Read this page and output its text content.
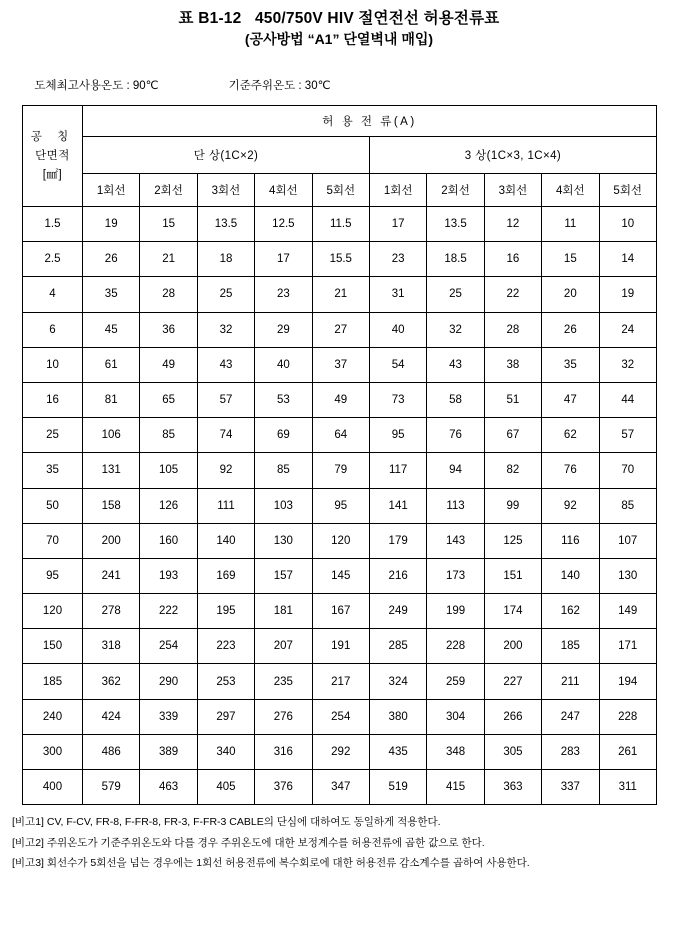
표 B1-12   450/750V HIV 절연전선 허용전류표
(공사방법 “A1” 단열벽내 매입)

도체최고사용온도 : 90℃	기준주위온도 : 30℃

공 칭
단면적
[㎟]	허 용 전 류(A)									
	단 상(1C×2)					3 상(1C×3, 1C×4)				
	1회선	2회선	3회선	4회선	5회선	1회선	2회선	3회선	4회선	5회선
1.5	19	15	13.5	12.5	11.5	17	13.5	12	11	10
2.5	26	21	18	17	15.5	23	18.5	16	15	14
4	35	28	25	23	21	31	25	22	20	19
6	45	36	32	29	27	40	32	28	26	24
10	61	49	43	40	37	54	43	38	35	32
16	81	65	57	53	49	73	58	51	47	44
25	106	85	74	69	64	95	76	67	62	57
35	131	105	92	85	79	117	94	82	76	70
50	158	126	111	103	95	141	113	99	92	85
70	200	160	140	130	120	179	143	125	116	107
95	241	193	169	157	145	216	173	151	140	130
120	278	222	195	181	167	249	199	174	162	149
150	318	254	223	207	191	285	228	200	185	171
185	362	290	253	235	217	324	259	227	211	194
240	424	339	297	276	254	380	304	266	247	228
300	486	389	340	316	292	435	348	305	283	261
400	579	463	405	376	347	519	415	363	337	311
[비고1] CV, F-CV, FR-8, F-FR-8, FR-3, F-FR-3 CABLE의 단심에 대하여도 동일하게 적용한다.
[비고2] 주위온도가 기준주위온도와 다를 경우 주위온도에 대한 보정계수를 허용전류에 곱한 값으로 한다.
[비고3] 회선수가 5회선을 넘는 경우에는 1회선 허용전류에 복수회로에 대한 허용전류 감소계수를 곱하여 사용한다.
